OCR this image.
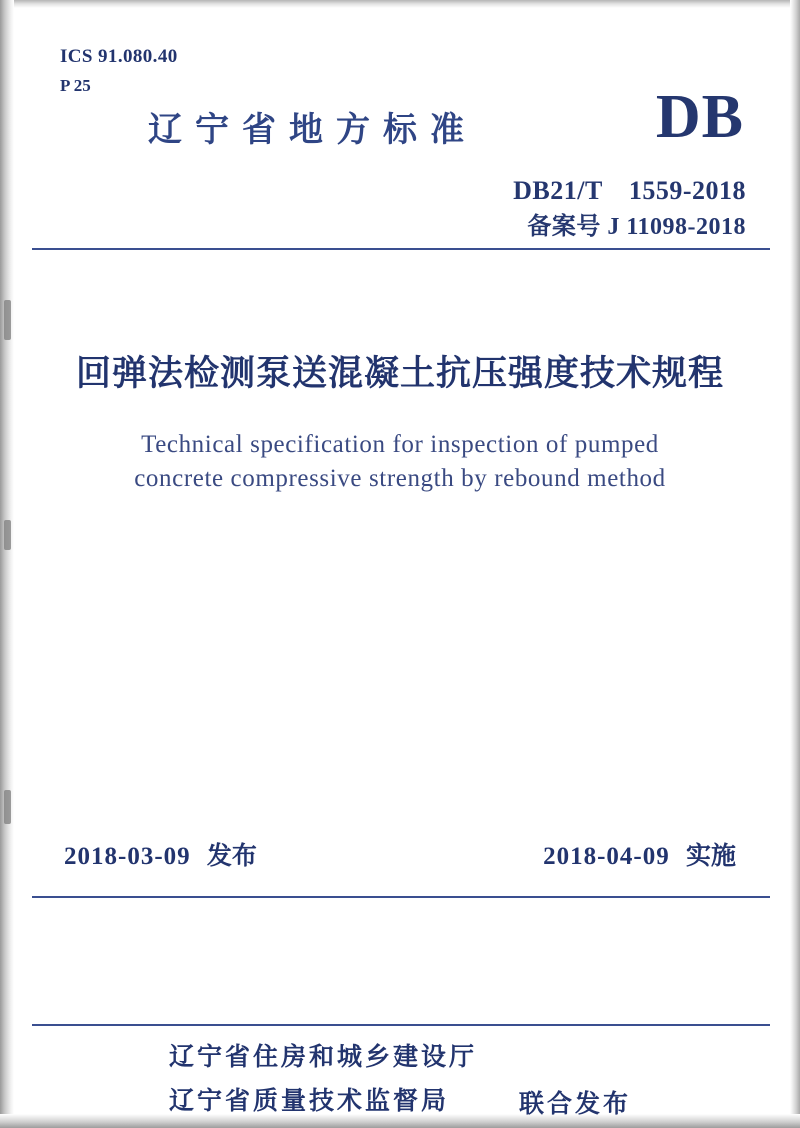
ICS 91.080.40
P 25
辽宁省地方标准	DB
DB21/T　1559-2018
备案号 J 11098-2018
回弹法检测泵送混凝土抗压强度技术规程
Technical specification for inspection of pumped
concrete compressive strength by rebound method
2018-03-09 发布	2018-04-09 实施
辽宁省住房和城乡建设厅
辽宁省质量技术监督局	联合发布
